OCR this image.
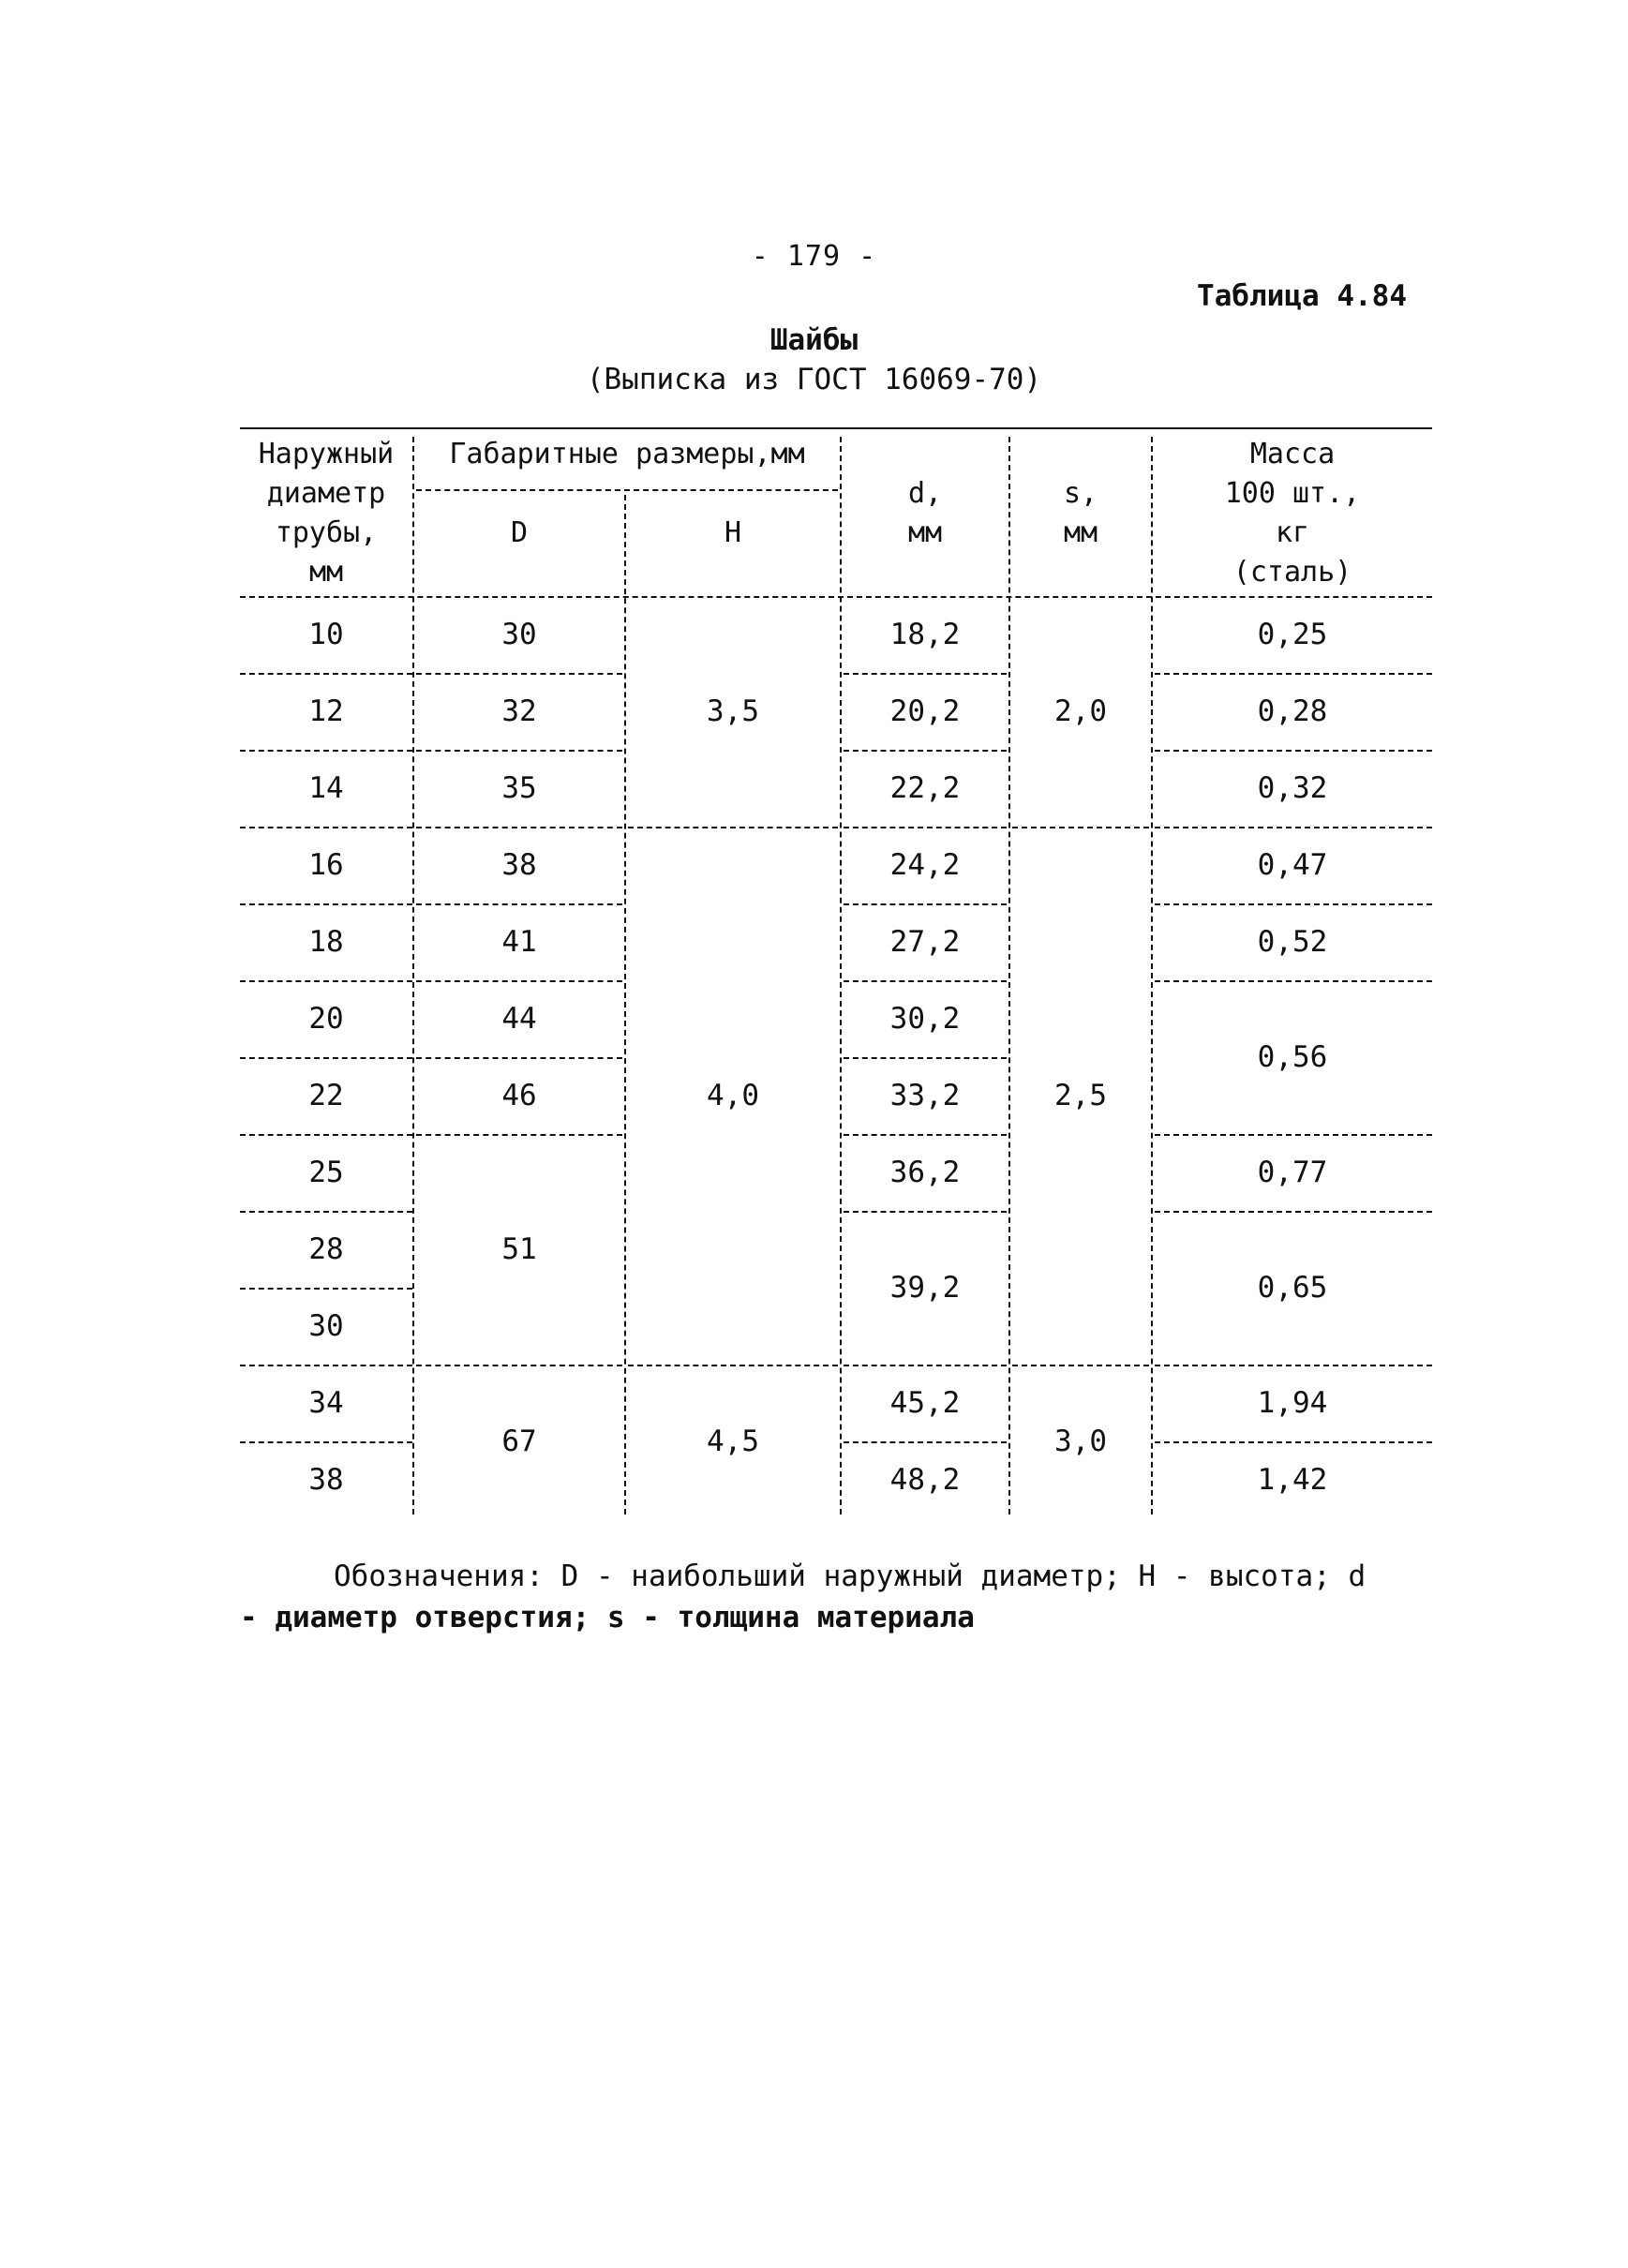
- 179 -
Таблица 4.84
Шайбы
(Выписка из ГОСТ 16069-70)
Наружный
диаметр
трубы,
мм
Габаритные размеры,мм
D	H
d,
мм
s,
мм
Масса
100 шт.,
кг
(сталь)
10
12
14
16
18
20
22
25
28
30
34
38
30
32
35
38
41
44
46
51
67
3,5
4,0
4,5
18,2
20,2
22,2
24,2
27,2
30,2
33,2
36,2
39,2
45,2
48,2
2,0
2,5
3,0
0,25
0,28
0,32
0,47
0,52
0,56
0,77
0,65
1,94
1,42
Обозначения: D - наибольший наружный диаметр; H - высота; d
- диаметр отверстия; s - толщина материала
